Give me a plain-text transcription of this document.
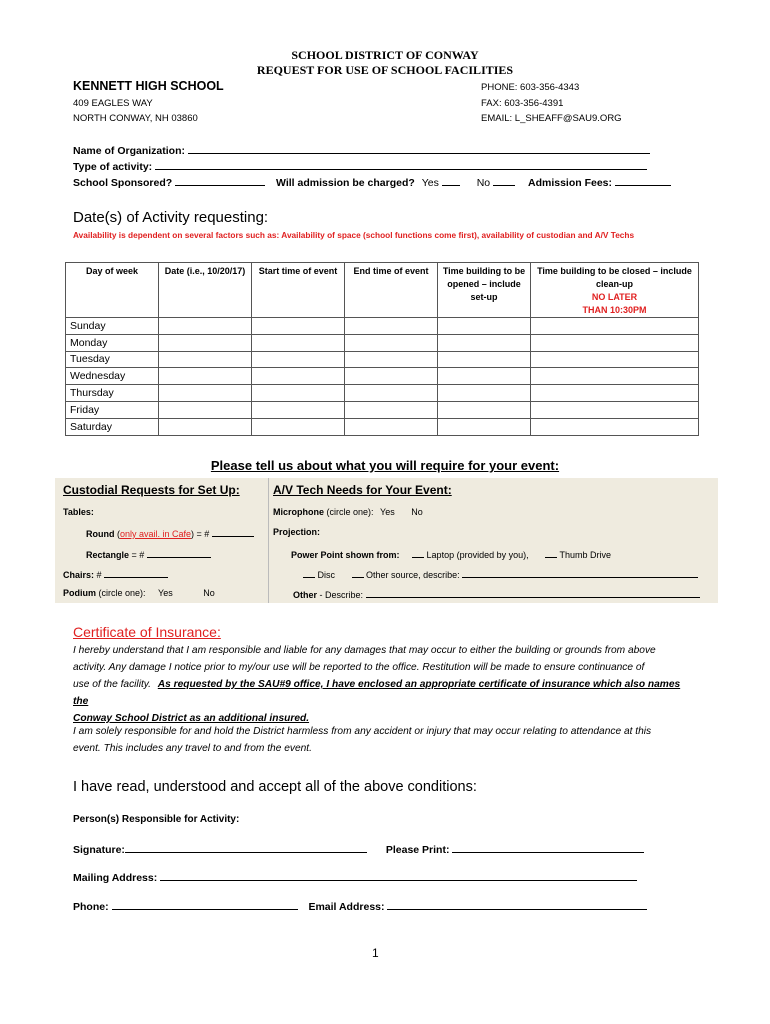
SCHOOL DISTRICT OF CONWAY
REQUEST FOR USE OF SCHOOL FACILITIES
KENNETT HIGH SCHOOL
409 EAGLES WAY
NORTH CONWAY, NH 03860
PHONE: 603-356-4343
FAX: 603-356-4391
EMAIL: L_SHEAFF@SAU9.ORG
Name of Organization:
Type of activity:
School Sponsored?	Will admission be charged? Yes	No	Admission Fees:
Date(s) of Activity requesting:
Availability is dependent on several factors such as: Availability of space (school functions come first), availability of custodian and A/V Techs
Day of week	Date (i.e., 10/20/17)	Start time of event	End time of event	Time building to be opened – include set-up	Time building to be closed – include clean-up
NO LATER THAN 10:30PM
Sunday					
Monday					
Tuesday					
Wednesday					
Thursday					
Friday					
Saturday					
Please tell us about what you will require for your event:
Custodial Requests for Set Up:	A/V Tech Needs for Your Event:
Tables:
Round (only avail. in Cafe) = #
Rectangle = #
Chairs: #
Podium (circle one): Yes	No
Microphone (circle one): Yes No
Projection:
Power Point shown from:	Laptop (provided by you),	Thumb Drive
Disc	Other source, describe:
Other - Describe:
Certificate of Insurance:
I hereby understand that I am responsible and liable for any damages that may occur to either the building or grounds from above
activity. Any damage I notice prior to my/our use will be reported to the office. Restitution will be made to ensure continuance of
use of the facility. As requested by the SAU#9 office, I have enclosed an appropriate certificate of insurance which also names the
Conway School District as an additional insured.
I am solely responsible for and hold the District harmless from any accident or injury that may occur relating to attendance at this
event. This includes any travel to and from the event.
I have read, understood and accept all of the above conditions:
Person(s) Responsible for Activity:
Signature:	Please Print:
Mailing Address:
Phone:	Email Address:
1
